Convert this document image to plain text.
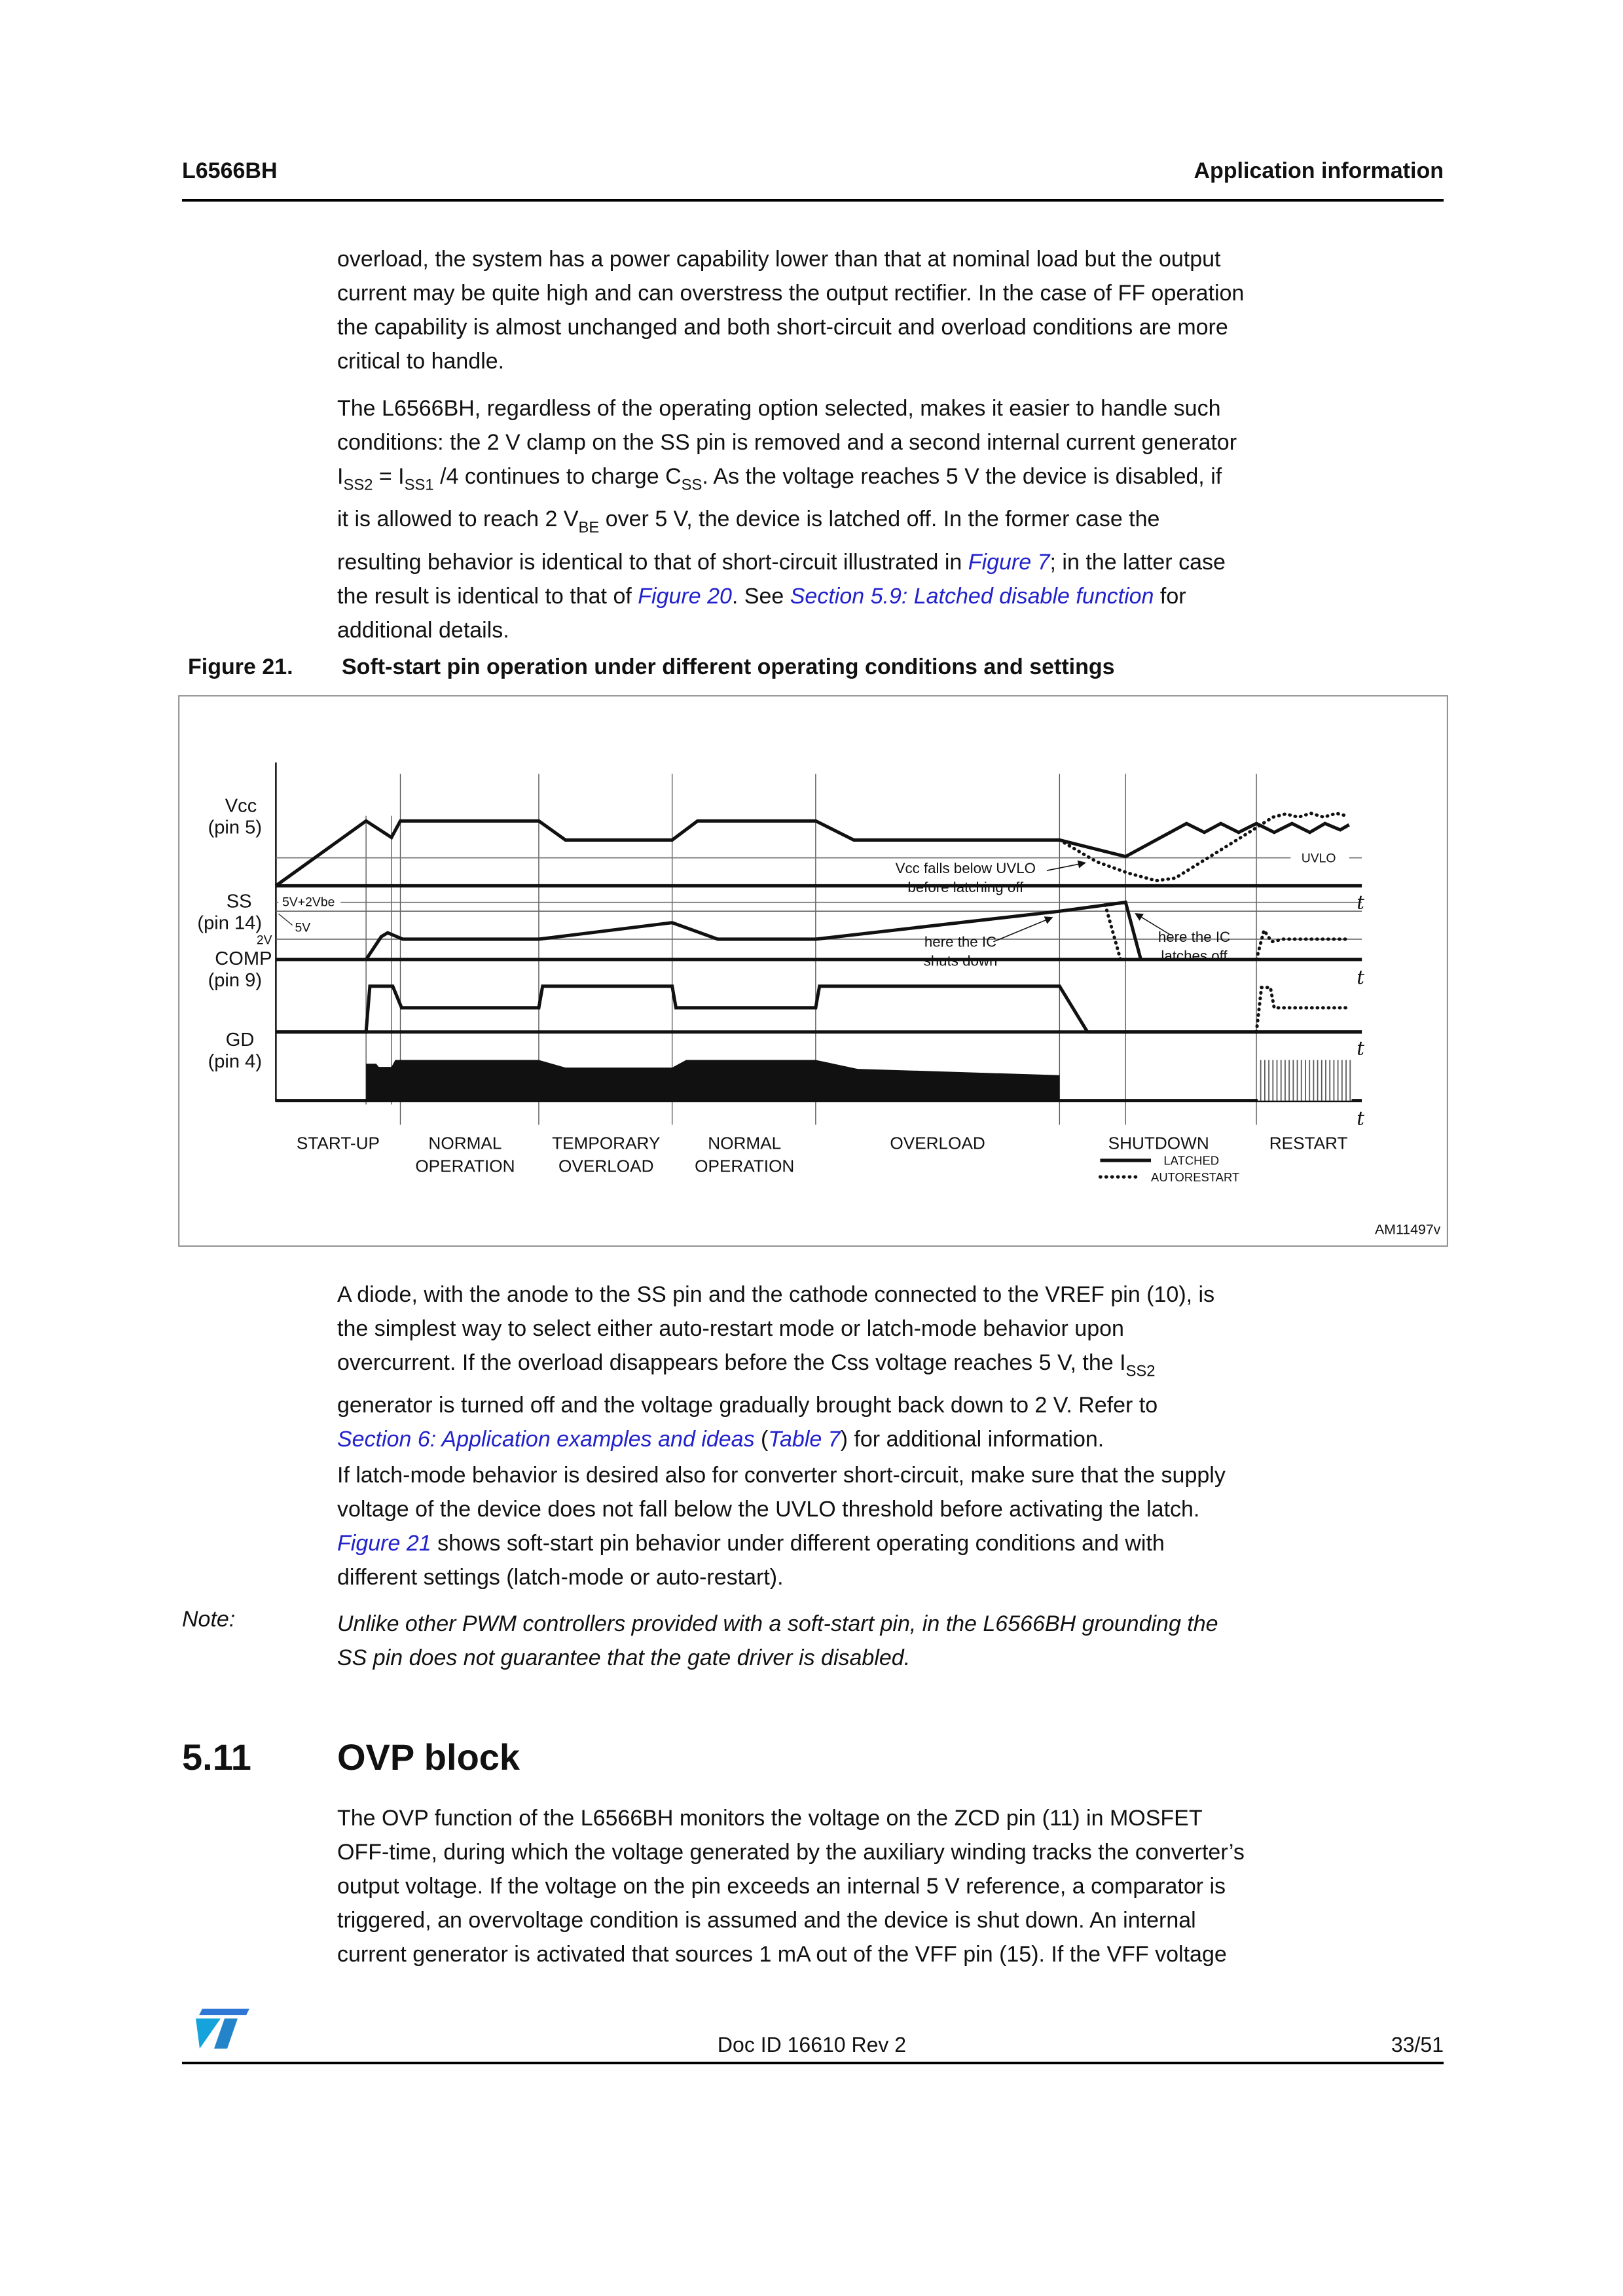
L6566BH	Application information
overload, the system has a power capability lower than that at nominal load but the output
current may be quite high and can overstress the output rectifier. In the case of FF operation
the capability is almost unchanged and both short-circuit and overload conditions are more
critical to handle.
The L6566BH, regardless of the operating option selected, makes it easier to handle such
conditions: the 2 V clamp on the SS pin is removed and a second internal current generator
$I_{SS2} = I_{SS1}$ /4 continues to charge $C_{SS}$. As the voltage reaches 5 V the device is disabled, if
it is allowed to reach 2 $V_{BE}$ over 5 V, the device is latched off. In the former case the
resulting behavior is identical to that of short-circuit illustrated in Figure 7; in the latter case
the result is identical to that of Figure 20. See Section 5.9: Latched disable function for
additional details.
Figure 21. Soft-start pin operation under different operating conditions and settings
UVLO
Vcc
(pin 5)
SS
(pin 14)
COMP
(pin 9)
GD
(pin 4)
5V+2Vbe
5V
2V
t
t
t
t
Vcc falls below UVLO
before latching off
here the IC
shuts down
here the IC
latches off
START-UP	NORMAL
OPERATION
TEMPORARY
OVERLOAD
NORMAL
OPERATION
OVERLOAD	SHUTDOWN	RESTART
LATCHED
AUTORESTART
AM11497v
A diode, with the anode to the SS pin and the cathode connected to the VREF pin (10), is
the simplest way to select either auto-restart mode or latch-mode behavior upon
overcurrent. If the overload disappears before the Css voltage reaches 5 V, the $I_{SS2}$
generator is turned off and the voltage gradually brought back down to 2 V. Refer to
Section 6: Application examples and ideas (Table 7) for additional information.
If latch-mode behavior is desired also for converter short-circuit, make sure that the supply
voltage of the device does not fall below the UVLO threshold before activating the latch.
Figure 21 shows soft-start pin behavior under different operating conditions and with
different settings (latch-mode or auto-restart).
Note:	Unlike other PWM controllers provided with a soft-start pin, in the L6566BH grounding the
SS pin does not guarantee that the gate driver is disabled.
5.11 OVP block
The OVP function of the L6566BH monitors the voltage on the ZCD pin (11) in MOSFET
OFF-time, during which the voltage generated by the auxiliary winding tracks the converter’s
output voltage. If the voltage on the pin exceeds an internal 5 V reference, a comparator is
triggered, an overvoltage condition is assumed and the device is shut down. An internal
current generator is activated that sources 1 mA out of the VFF pin (15). If the VFF voltage
Doc ID 16610 Rev 2	33/51
